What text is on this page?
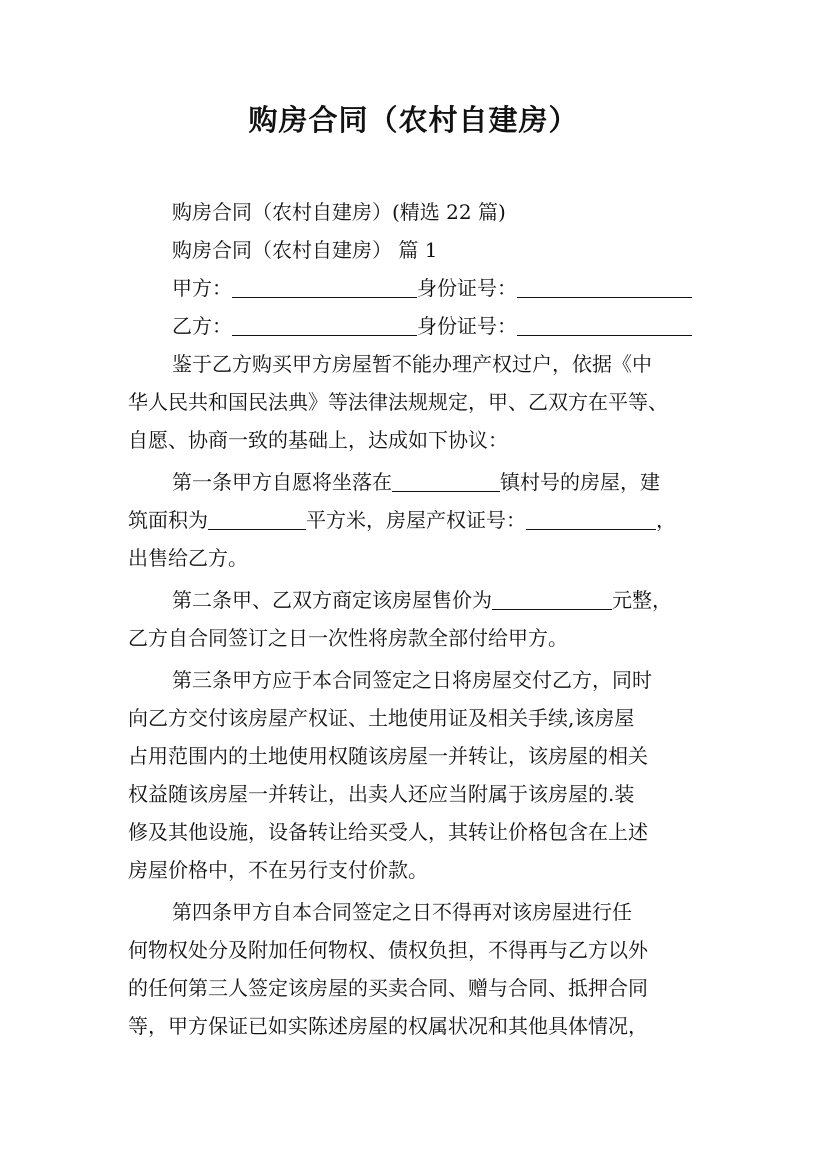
购房合同（农村自建房）
购房合同（农村自建房）(精选 22 篇)
购房合同（农村自建房） 篇 1
甲方：	身份证号：
乙方：	身份证号：
鉴于乙方购买甲方房屋暂不能办理产权过户，依据《中
华人民共和国民法典》等法律法规规定，甲、乙双方在平等、
自愿、协商一致的基础上，达成如下协议：
第一条甲方自愿将坐落在	镇村号的房屋，建
筑面积为	平方米，房屋产权证号：	，
出售给乙方。
第二条甲、乙双方商定该房屋售价为	元整，
乙方自合同签订之日一次性将房款全部付给甲方。
第三条甲方应于本合同签定之日将房屋交付乙方，同时
向乙方交付该房屋产权证、土地使用证及相关手续,该房屋
占用范围内的土地使用权随该房屋一并转让，该房屋的相关
权益随该房屋一并转让，出卖人还应当附属于该房屋的.装
修及其他设施，设备转让给买受人，其转让价格包含在上述
房屋价格中，不在另行支付价款。
第四条甲方自本合同签定之日不得再对该房屋进行任
何物权处分及附加任何物权、债权负担，不得再与乙方以外
的任何第三人签定该房屋的买卖合同、赠与合同、抵押合同
等，甲方保证已如实陈述房屋的权属状况和其他具体情况，
